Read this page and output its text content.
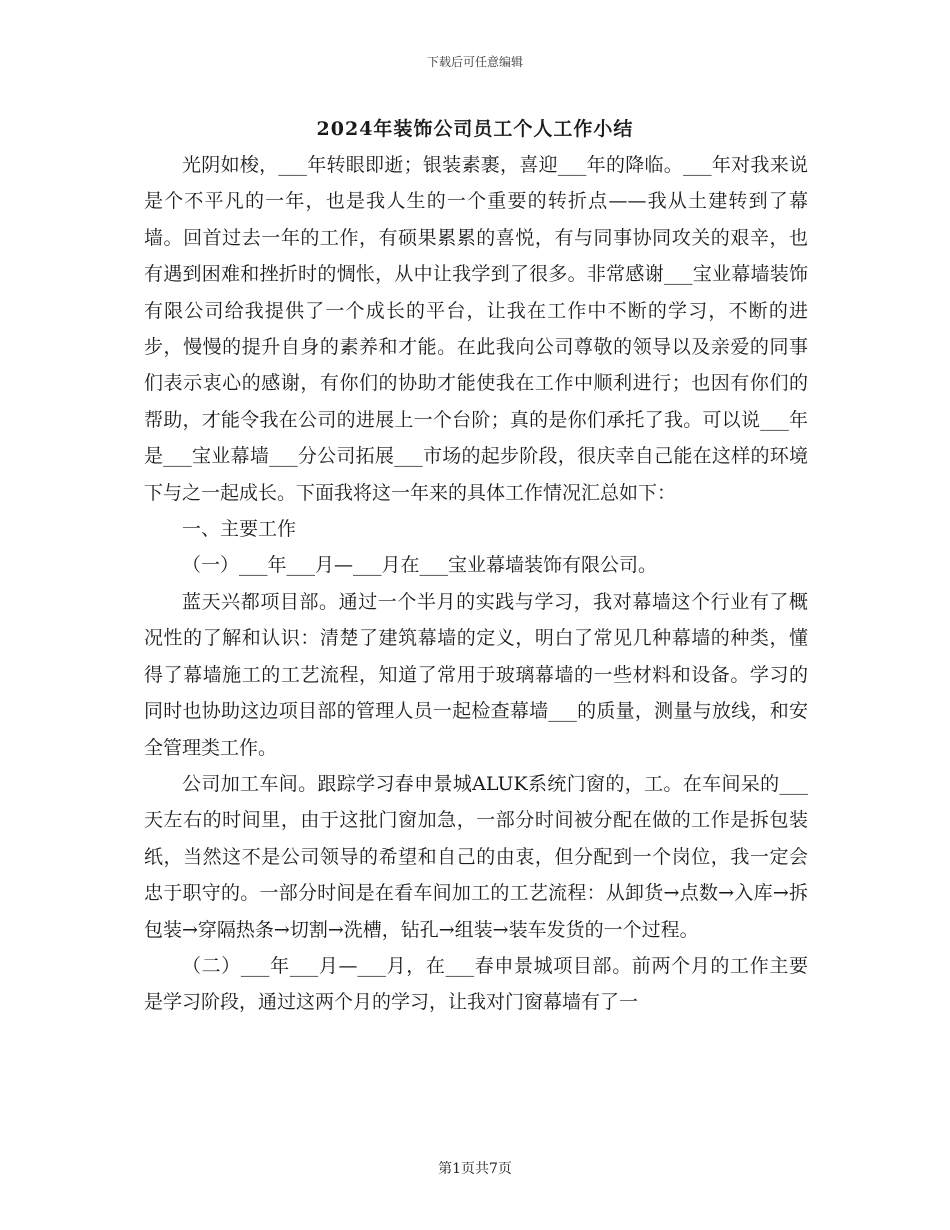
下载后可任意编辑
2024年装饰公司员工个人工作小结

光阴如梭，___年转眼即逝；银装素裹，喜迎___年的降临。___年对我来说是个不平凡的一年，也是我人生的一个重要的转折点——我从土建转到了幕墙。回首过去一年的工作，有硕果累累的喜悦，有与同事协同攻关的艰辛，也有遇到困难和挫折时的惆怅，从中让我学到了很多。非常感谢___宝业幕墙装饰有限公司给我提供了一个成长的平台，让我在工作中不断的学习，不断的进步，慢慢的提升自身的素养和才能。在此我向公司尊敬的领导以及亲爱的同事们表示衷心的感谢，有你们的协助才能使我在工作中顺利进行；也因有你们的帮助，才能令我在公司的进展上一个台阶；真的是你们承托了我。可以说___年是___宝业幕墙___分公司拓展___市场的起步阶段，很庆幸自己能在这样的环境下与之一起成长。下面我将这一年来的具体工作情况汇总如下：

一、主要工作

（一）___年___月—___月在___宝业幕墙装饰有限公司。

蓝天兴都项目部。通过一个半月的实践与学习，我对幕墙这个行业有了概况性的了解和认识：清楚了建筑幕墙的定义，明白了常见几种幕墙的种类，懂得了幕墙施工的工艺流程，知道了常用于玻璃幕墙的一些材料和设备。学习的同时也协助这边项目部的管理人员一起检查幕墙___的质量，测量与放线，和安全管理类工作。

公司加工车间。跟踪学习春申景城ALUK系统门窗的，工。在车间呆的___天左右的时间里，由于这批门窗加急，一部分时间被分配在做的工作是拆包装纸，当然这不是公司领导的希望和自己的由衷，但分配到一个岗位，我一定会忠于职守的。一部分时间是在看车间加工的工艺流程：从卸货→点数→入库→拆包装→穿隔热条→切割→洗槽，钻孔→组装→装车发货的一个过程。

（二）___年___月—___月，在___春申景城项目部。前两个月的工作主要是学习阶段，通过这两个月的学习，让我对门窗幕墙有了一

第1页共7页
